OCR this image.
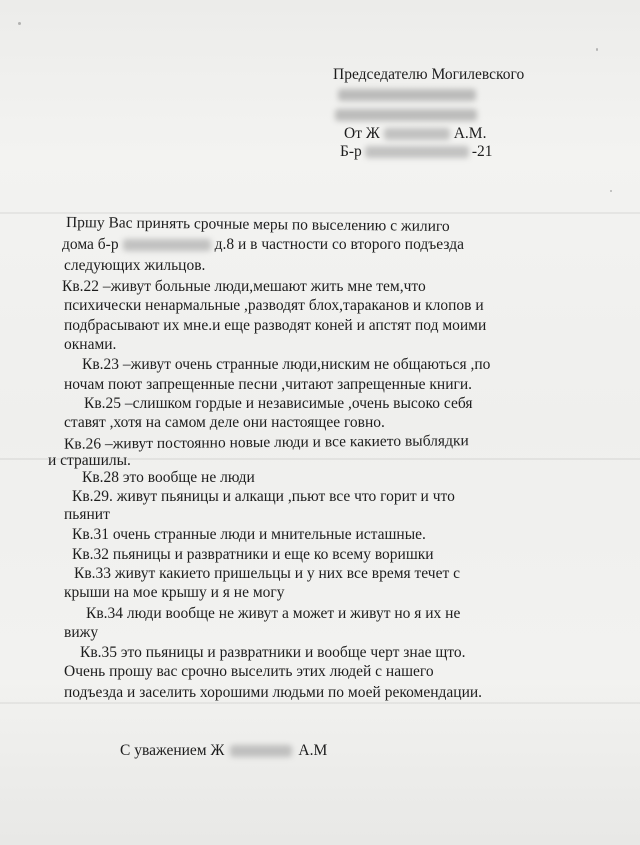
Председателю Могилевского
От Ж	А.М.
Б-р	-21
Пршу Вас принять срочные меры по выселению с жилиго
дома б-р	д.8 и в частности со второго подъезда
следующих жильцов.
Кв.22 –живут больные люди,мешают жить мне тем,что
психически ненармальные ,разводят блох,тараканов и клопов и
подбрасывают их мне.и еще разводят коней и апстят под моими
окнами.
Кв.23 –живут очень странные люди,ниским не общаються ,по
ночам поют запрещенные песни ,читают запрещенные книги.
Кв.25 –слишком гордые и независимые ,очень высоко себя
ставят ,хотя на самом деле они настоящее говно.
Кв.26 –живут постоянно новые люди и все какието выблядки
и страшилы.
Кв.28 это вообще не люди
Кв.29. живут пьяницы и алкащи ,пьют все что горит и что
пьянит
Кв.31 очень странные люди и мнительные исташные.
Кв.32 пьяницы и развратники и еще ко всему воришки
Кв.33 живут какието пришельцы и у них все время течет с
крыши на мое крышу и я не могу
Кв.34 люди вообще не живут а может и живут но я их не
вижу
Кв.35 это пьяницы и развратники и вообще черт знае щто.
Очень прошу вас срочно выселить этих людей с нашего
подъезда и заселить хорошими людьми по моей рекомендации.
С уважением Ж	А.М
